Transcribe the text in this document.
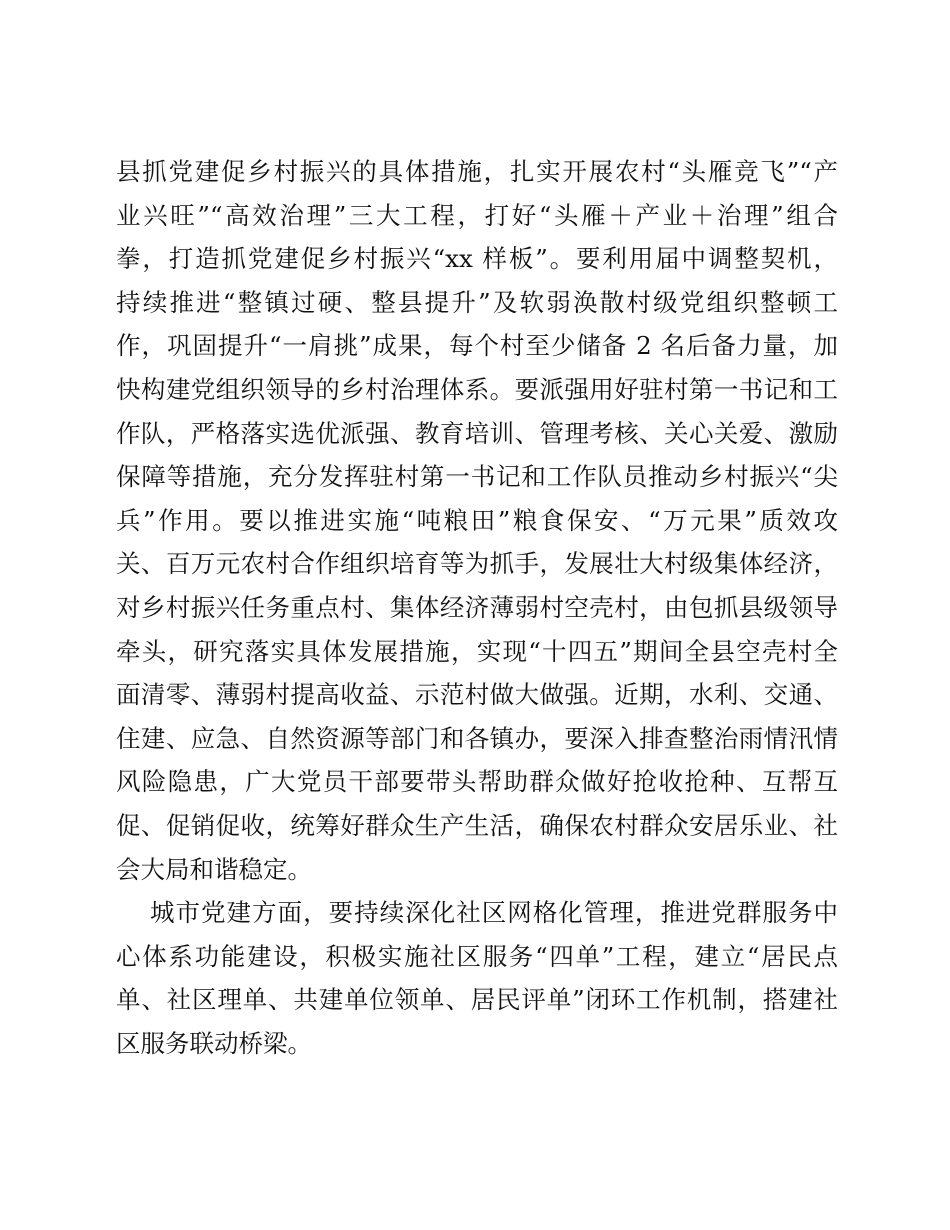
县抓党建促乡村振兴的具体措施，扎实开展农村“头雁竞飞”“产
业兴旺”“高效治理”三大工程，打好“头雁＋产业＋治理”组合
拳，打造抓党建促乡村振兴“xx 样板”。要利用届中调整契机，
持续推进“整镇过硬、整县提升”及软弱涣散村级党组织整顿工
作，巩固提升“一肩挑”成果，每个村至少储备 2 名后备力量，加
快构建党组织领导的乡村治理体系。要派强用好驻村第一书记和工
作队，严格落实选优派强、教育培训、管理考核、关心关爱、激励
保障等措施，充分发挥驻村第一书记和工作队员推动乡村振兴“尖
兵”作用。要以推进实施“吨粮田”粮食保安、“万元果”质效攻
关、百万元农村合作组织培育等为抓手，发展壮大村级集体经济，
对乡村振兴任务重点村、集体经济薄弱村空壳村，由包抓县级领导
牵头，研究落实具体发展措施，实现“十四五”期间全县空壳村全
面清零、薄弱村提高收益、示范村做大做强。近期，水利、交通、
住建、应急、自然资源等部门和各镇办，要深入排查整治雨情汛情
风险隐患，广大党员干部要带头帮助群众做好抢收抢种、互帮互
促、促销促收，统筹好群众生产生活，确保农村群众安居乐业、社
会大局和谐稳定。
城市党建方面，要持续深化社区网格化管理，推进党群服务中
心体系功能建设，积极实施社区服务“四单”工程，建立“居民点
单、社区理单、共建单位领单、居民评单”闭环工作机制，搭建社
区服务联动桥梁。
